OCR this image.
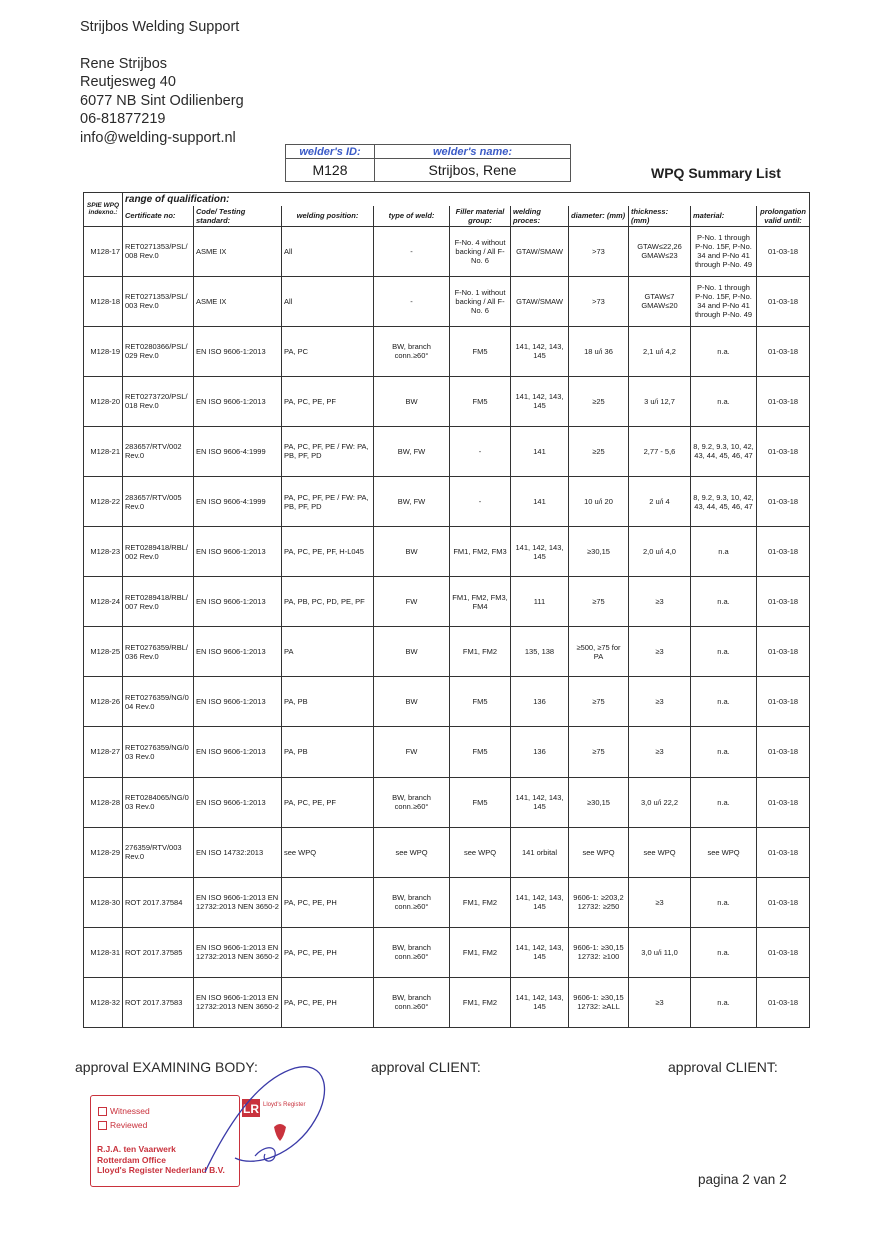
Strijbos Welding Support
Rene Strijbos
Reutjesweg 40
6077 NB Sint Odilienberg
06-81877219
info@welding-support.nl
welder's ID:	welder's name:
M128	Strijbos, Rene	WPQ Summary List
SPIE WPQ indexno.:	range of qualification:									
	Certificate no:	Code/ Testing standard:	welding position:	type of weld:	Filler material group:	welding proces:	diameter: (mm)	thickness: (mm)	material:	prolongation valid until:
M128-17	RET0271353/PSL/ 008 Rev.0	ASME IX	All	-	F-No. 4 without backing / All F-No. 6	GTAW/SMAW	>73	GTAW≤22,26 GMAW≤23	P-No. 1 through P-No. 15F, P-No. 34 and P-No 41 through P-No. 49	01-03-18
M128-18	RET0271353/PSL/ 003 Rev.0	ASME IX	All	-	F-No. 1 without backing / All F-No. 6	GTAW/SMAW	>73	GTAW≤7 GMAW≤20	P-No. 1 through P-No. 15F, P-No. 34 and P-No 41 through P-No. 49	01-03-18
M128-19	RET0280366/PSL/ 029 Rev.0	EN ISO 9606-1:2013	PA, PC	BW, branch conn.≥60°	FM5	141, 142, 143, 145	18 u/i 36	2,1 u/i 4,2	n.a.	01-03-18
M128-20	RET0273720/PSL/ 018 Rev.0	EN ISO 9606-1:2013	PA, PC, PE, PF	BW	FM5	141, 142, 143, 145	≥25	3 u/i 12,7	n.a.	01-03-18
M128-21	283657/RTV/002 Rev.0	EN ISO 9606-4:1999	PA, PC, PF, PE / FW: PA, PB, PF, PD	BW, FW	-	141	≥25	2,77 - 5,6	8, 9.2, 9.3, 10, 42, 43, 44, 45, 46, 47	01-03-18
M128-22	283657/RTV/005 Rev.0	EN ISO 9606-4:1999	PA, PC, PF, PE / FW: PA, PB, PF, PD	BW, FW	-	141	10 u/i 20	2 u/i 4	8, 9.2, 9.3, 10, 42, 43, 44, 45, 46, 47	01-03-18
M128-23	RET0289418/RBL/ 002 Rev.0	EN ISO 9606-1:2013	PA, PC, PE, PF, H-L045	BW	FM1, FM2, FM3	141, 142, 143, 145	≥30,15	2,0 u/i 4,0	n.a	01-03-18
M128-24	RET0289418/RBL/ 007 Rev.0	EN ISO 9606-1:2013	PA, PB, PC, PD, PE, PF	FW	FM1, FM2, FM3, FM4	111	≥75	≥3	n.a.	01-03-18
M128-25	RET0276359/RBL/ 036 Rev.0	EN ISO 9606-1:2013	PA	BW	FM1, FM2	135, 138	≥500, ≥75 for PA	≥3	n.a.	01-03-18
M128-26	RET0276359/NG/0 04 Rev.0	EN ISO 9606-1:2013	PA, PB	BW	FM5	136	≥75	≥3	n.a.	01-03-18
M128-27	RET0276359/NG/0 03 Rev.0	EN ISO 9606-1:2013	PA, PB	FW	FM5	136	≥75	≥3	n.a.	01-03-18
M128-28	RET0284065/NG/0 03 Rev.0	EN ISO 9606-1:2013	PA, PC, PE, PF	BW, branch conn.≥60°	FM5	141, 142, 143, 145	≥30,15	3,0 u/i 22,2	n.a.	01-03-18
M128-29	276359/RTV/003 Rev.0	EN ISO 14732:2013	see WPQ	see WPQ	see WPQ	141 orbital	see WPQ	see WPQ	see WPQ	01-03-18
M128-30	ROT 2017.37584	EN ISO 9606-1:2013 EN 12732:2013 NEN 3650-2	PA, PC, PE, PH	BW, branch conn.≥60°	FM1, FM2	141, 142, 143, 145	9606-1: ≥203,2 12732: ≥250	≥3	n.a.	01-03-18
M128-31	ROT 2017.37585	EN ISO 9606-1:2013 EN 12732:2013 NEN 3650-2	PA, PC, PE, PH	BW, branch conn.≥60°	FM1, FM2	141, 142, 143, 145	9606-1: ≥30,15 12732: ≥100	3,0 u/i 11,0	n.a.	01-03-18
M128-32	ROT 2017.37583	EN ISO 9606-1:2013 EN 12732:2013 NEN 3650-2	PA, PC, PE, PH	BW, branch conn.≥60°	FM1, FM2	141, 142, 143, 145	9606-1: ≥30,15 12732: ≥ALL	≥3	n.a.	01-03-18
approval EXAMINING BODY:	approval CLIENT:	approval CLIENT:
Witnessed
Reviewed
R.J.A. ten Vaarwerk
Rotterdam Office
Lloyd's Register Nederland B.V.
LR Lloyd's Register
pagina 2 van 2
